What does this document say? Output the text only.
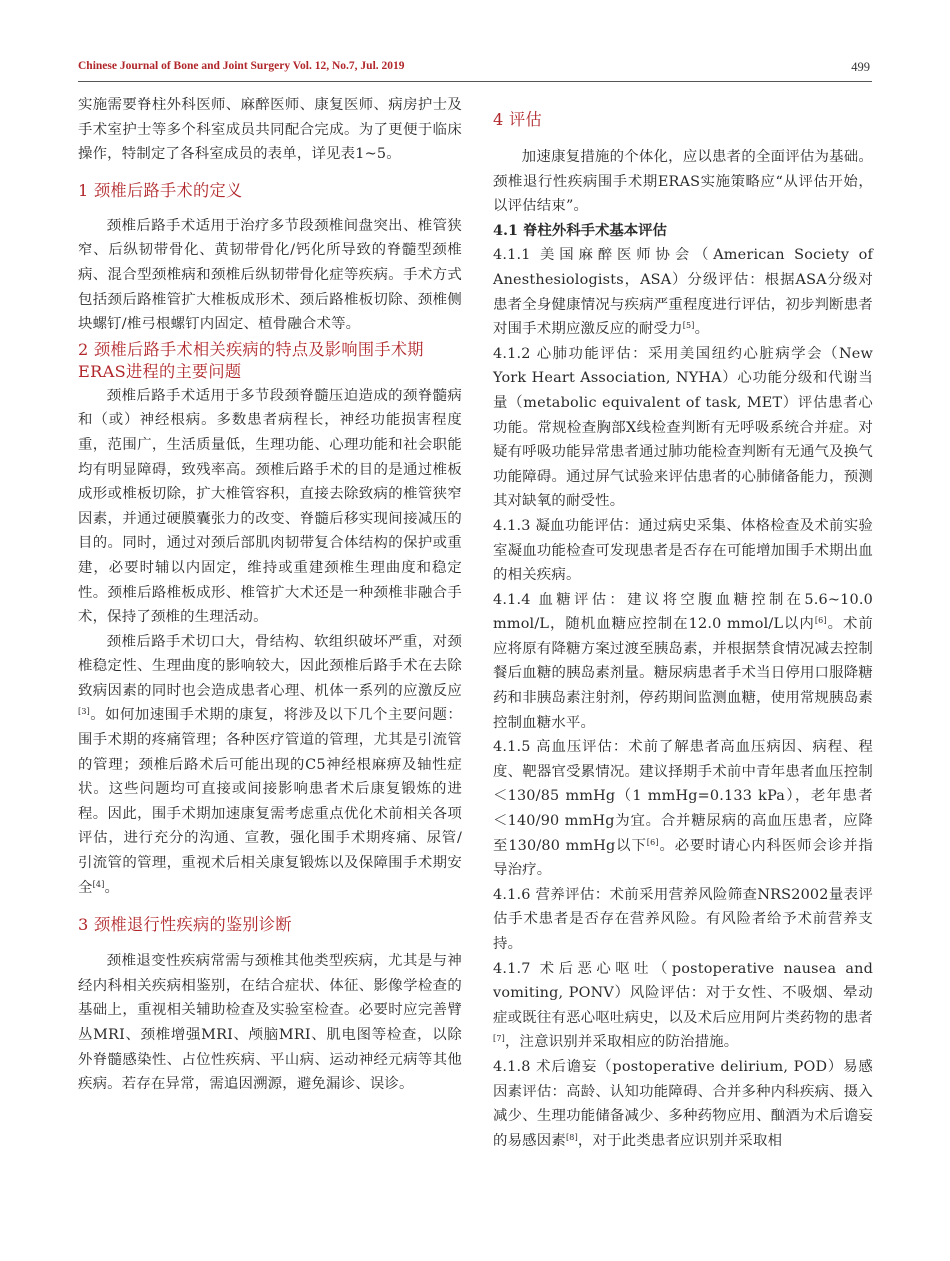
Chinese Journal of Bone and Joint Surgery Vol. 12, No.7, Jul. 2019	499

实施需要脊柱外科医师、麻醉医师、康复医师、病房护士及手术室护士等多个科室成员共同配合完成。为了更便于临床操作，特制定了各科室成员的表单，详见表1~5。

1 颈椎后路手术的定义

颈椎后路手术适用于治疗多节段颈椎间盘突出、椎管狭窄、后纵韧带骨化、黄韧带骨化/钙化所导致的脊髓型颈椎病、混合型颈椎病和颈椎后纵韧带骨化症等疾病。手术方式包括颈后路椎管扩大椎板成形术、颈后路椎板切除、颈椎侧块螺钉/椎弓根螺钉内固定、植骨融合术等。

2 颈椎后路手术相关疾病的特点及影响围手术期ERAS进程的主要问题

颈椎后路手术适用于多节段颈脊髓压迫造成的颈脊髓病和（或）神经根病。多数患者病程长，神经功能损害程度重，范围广，生活质量低，生理功能、心理功能和社会职能均有明显障碍，致残率高。颈椎后路手术的目的是通过椎板成形或椎板切除，扩大椎管容积，直接去除致病的椎管狭窄因素，并通过硬膜囊张力的改变、脊髓后移实现间接减压的目的。同时，通过对颈后部肌肉韧带复合体结构的保护或重建，必要时辅以内固定，维持或重建颈椎生理曲度和稳定性。颈椎后路椎板成形、椎管扩大术还是一种颈椎非融合手术，保持了颈椎的生理活动。

颈椎后路手术切口大，骨结构、软组织破坏严重，对颈椎稳定性、生理曲度的影响较大，因此颈椎后路手术在去除致病因素的同时也会造成患者心理、机体一系列的应激反应[3]。如何加速围手术期的康复，将涉及以下几个主要问题：围手术期的疼痛管理；各种医疗管道的管理，尤其是引流管的管理；颈椎后路术后可能出现的C5神经根麻痹及轴性症状。这些问题均可直接或间接影响患者术后康复锻炼的进程。因此，围手术期加速康复需考虑重点优化术前相关各项评估，进行充分的沟通、宣教，强化围手术期疼痛、尿管/引流管的管理，重视术后相关康复锻炼以及保障围手术期安全[4]。

3 颈椎退行性疾病的鉴别诊断

颈椎退变性疾病常需与颈椎其他类型疾病，尤其是与神经内科相关疾病相鉴别，在结合症状、体征、影像学检查的基础上，重视相关辅助检查及实验室检查。必要时应完善臂丛MRI、颈椎增强MRI、颅脑MRI、肌电图等检查，以除外脊髓感染性、占位性疾病、平山病、运动神经元病等其他疾病。若存在异常，需追因溯源，避免漏诊、误诊。

4 评估

加速康复措施的个体化，应以患者的全面评估为基础。颈椎退行性疾病围手术期ERAS实施策略应“从评估开始，以评估结束”。

4.1 脊柱外科手术基本评估

4.1.1 美国麻醉医师协会（American Society of Anesthesiologists，ASA）分级评估：根据ASA分级对患者全身健康情况与疾病严重程度进行评估，初步判断患者对围手术期应激反应的耐受力[5]。

4.1.2 心肺功能评估：采用美国纽约心脏病学会（New York Heart Association, NYHA）心功能分级和代谢当量（metabolic equivalent of task, MET）评估患者心功能。常规检查胸部X线检查判断有无呼吸系统合并症。对疑有呼吸功能异常患者通过肺功能检查判断有无通气及换气功能障碍。通过屏气试验来评估患者的心肺储备能力，预测其对缺氧的耐受性。

4.1.3 凝血功能评估：通过病史采集、体格检查及术前实验室凝血功能检查可发现患者是否存在可能增加围手术期出血的相关疾病。

4.1.4 血糖评估：建议将空腹血糖控制在5.6~10.0 mmol/L，随机血糖应控制在12.0 mmol/L以内[6]。术前应将原有降糖方案过渡至胰岛素，并根据禁食情况减去控制餐后血糖的胰岛素剂量。糖尿病患者手术当日停用口服降糖药和非胰岛素注射剂，停药期间监测血糖，使用常规胰岛素控制血糖水平。

4.1.5 高血压评估：术前了解患者高血压病因、病程、程度、靶器官受累情况。建议择期手术前中青年患者血压控制＜130/85 mmHg（1 mmHg=0.133 kPa），老年患者＜140/90 mmHg为宜。合并糖尿病的高血压患者，应降至130/80 mmHg以下[6]。必要时请心内科医师会诊并指导治疗。

4.1.6 营养评估：术前采用营养风险筛查NRS2002量表评估手术患者是否存在营养风险。有风险者给予术前营养支持。

4.1.7 术后恶心呕吐（postoperative nausea and vomiting, PONV）风险评估：对于女性、不吸烟、晕动症或既往有恶心呕吐病史，以及术后应用阿片类药物的患者[7]，注意识别并采取相应的防治措施。

4.1.8 术后谵妄（postoperative delirium, POD）易感因素评估：高龄、认知功能障碍、合并多种内科疾病、摄入减少、生理功能储备减少、多种药物应用、酗酒为术后谵妄的易感因素[8]，对于此类患者应识别并采取相
